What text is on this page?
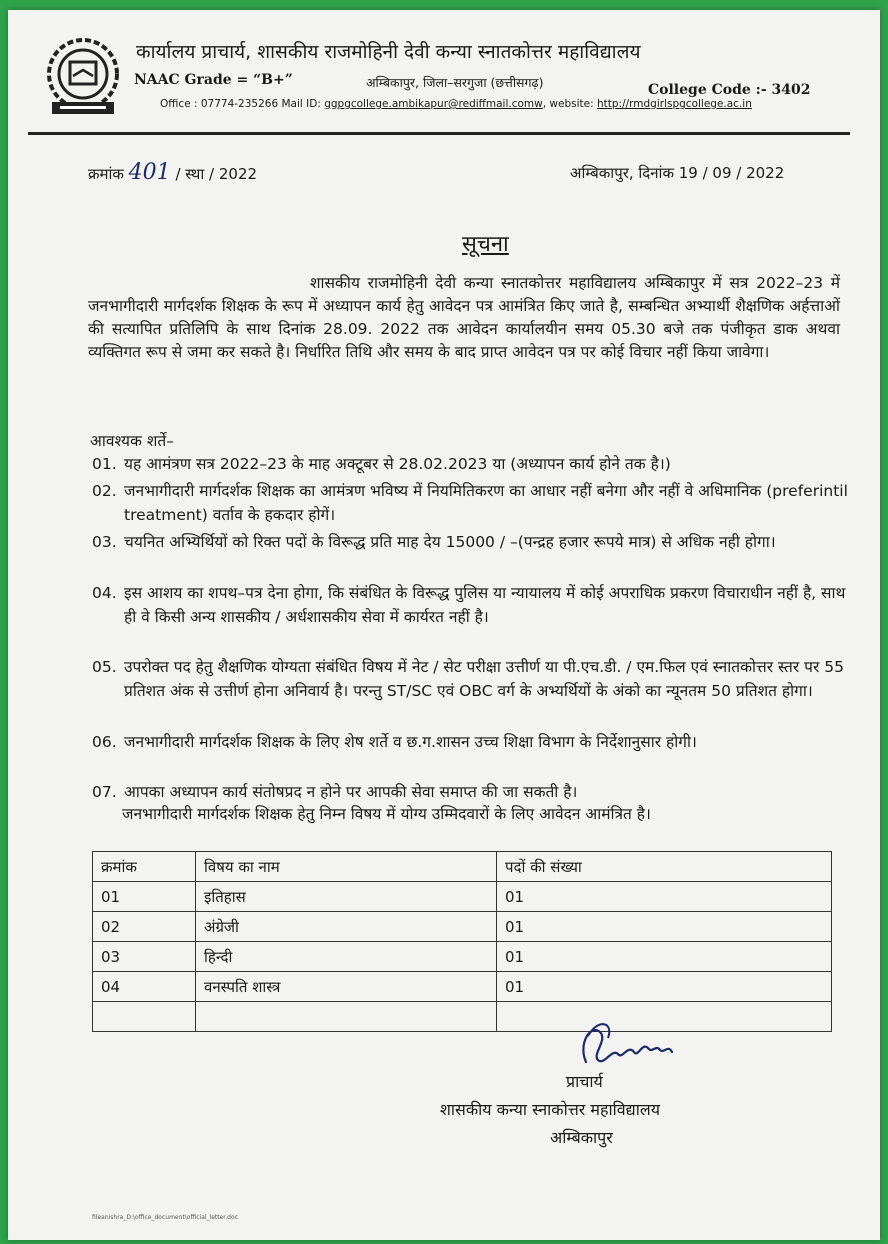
कार्यालय प्राचार्य, शासकीय राजमोहिनी देवी कन्या स्नातकोत्तर महाविद्यालय
NAAC Grade = “B+”	अम्बिकापुर, जिला–सरगुजा (छत्तीसगढ़)	College Code :- 3402
Office : 07774-235266 Mail ID: ggpgcollege.ambikapur@rediffmail.comw, website: http://rmdgirlspgcollege.ac.in
क्रमांक 401 / स्था / 2022	अम्बिकापुर, दिनांक 19 / 09 / 2022
सूचना
शासकीय राजमोहिनी देवी कन्या स्नातकोत्तर महाविद्यालय अम्बिकापुर में सत्र 2022–23 में जनभागीदारी मार्गदर्शक शिक्षक के रूप में अध्यापन कार्य हेतु आवेदन पत्र आमंत्रित किए जाते है, सम्बन्धित अभ्यार्थी शैक्षणिक अर्हत्ताओं की सत्यापित प्रतिलिपि के साथ दिनांक 28.09. 2022 तक आवेदन कार्यालयीन समय 05.30 बजे तक पंजीकृत डाक अथवा व्यक्तिगत रूप से जमा कर सकते है। निर्धारित तिथि और समय के बाद प्राप्त आवेदन पत्र पर कोई विचार नहीं किया जावेगा।
आवश्यक शर्ते–
01. यह आमंत्रण सत्र 2022–23 के माह अक्टूबर से 28.02.2023 या (अध्यापन कार्य होने तक है।)
02. जनभागीदारी मार्गदर्शक शिक्षक का आमंत्रण भविष्य में नियमितिकरण का आधार नहीं बनेगा और नहीं वे अधिमानिक (preferintil treatment) वर्ताव के हकदार होगें।
03. चयनित अभ्यिर्थियों को रिक्त पदों के विरूद्ध प्रति माह देय 15000 / –(पन्द्रह हजार रूपये मात्र) से अधिक नही होगा।
04. इस आशय का शपथ–पत्र देना होगा, कि संबंधित के विरूद्ध पुलिस या न्यायालय में कोई अपराधिक प्रकरण विचाराधीन नहीं है, साथ ही वे किसी अन्य शासकीय / अर्धशासकीय सेवा में कार्यरत नहीं है।
05. उपरोक्त पद हेतु शैक्षणिक योग्यता संबंधित विषय में नेट / सेट परीक्षा उत्तीर्ण या पी.एच.डी. / एम.फिल एवं स्नातकोत्तर स्तर पर 55 प्रतिशत अंक से उत्तीर्ण होना अनिवार्य है। परन्तु ST/SC एवं OBC वर्ग के अभ्यर्थियों के अंको का न्यूनतम 50 प्रतिशत होगा।
06. जनभागीदारी मार्गदर्शक शिक्षक के लिए शेष शर्ते व छ.ग.शासन उच्च शिक्षा विभाग के निर्देशानुसार होगी।
07. आपका अध्यापन कार्य संतोषप्रद न होने पर आपकी सेवा समाप्त की जा सकती है।
जनभागीदारी मार्गदर्शक शिक्षक हेतु निम्न विषय में योग्य उम्मिदवारों के लिए आवेदन आमंत्रित है।
क्रमांक	विषय का नाम	पदों की संख्या
01	इतिहास	01
02	अंग्रेजी	01
03	हिन्दी	01
04	वनस्पति शास्त्र	01

प्राचार्य
शासकीय कन्या स्नाकोत्तर महाविद्यालय
अम्बिकापुर
fileanishra_D:\office_document\official_letter.doc
